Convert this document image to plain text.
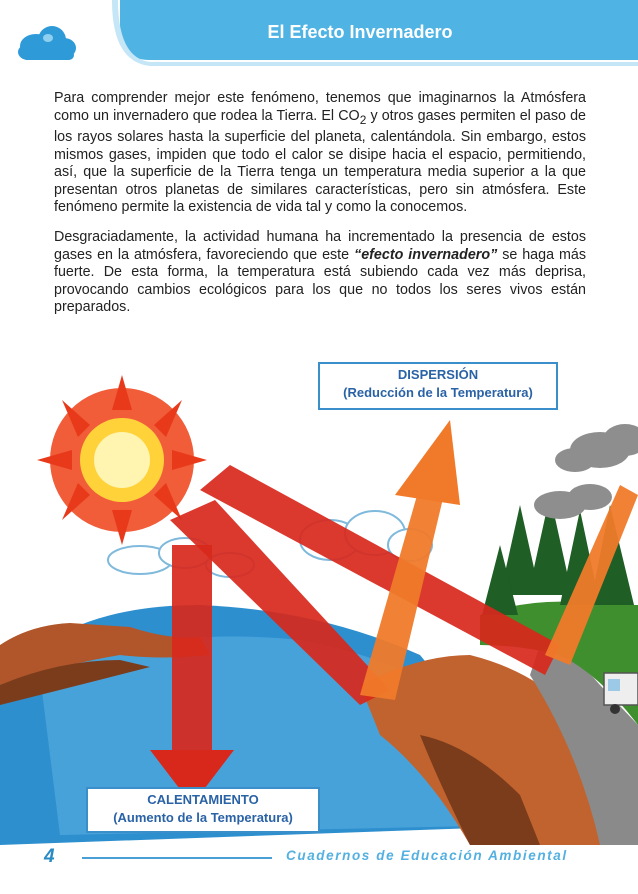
El Efecto Invernadero

Para comprender mejor este fenómeno, tenemos que imaginarnos la Atmósfera como un invernadero que rodea la Tierra. El $CO_2$ y otros gases permiten el paso de los rayos solares hasta la superficie del planeta, calentándola. Sin embargo, estos mismos gases, impiden que todo el calor se disipe hacia el espacio, permitiendo, así, que la superficie de la Tierra tenga un temperatura media superior a la que presentan otros planetas de similares características, pero sin atmósfera. Este fenómeno permite la existencia de vida tal y como la conocemos.

Desgraciadamente, la actividad humana ha incrementado la presencia de estos gases en la atmósfera, favoreciendo que este “efecto invernadero” se haga más fuerte. De esta forma, la temperatura está subiendo cada vez más deprisa, provocando cambios ecológicos para los que no todos los seres vivos están preparados.

DISPERSIÓN
(Reducción de la Temperatura)
CALENTAMIENTO
(Aumento de la Temperatura)
4	Cuadernos de Educación Ambiental
